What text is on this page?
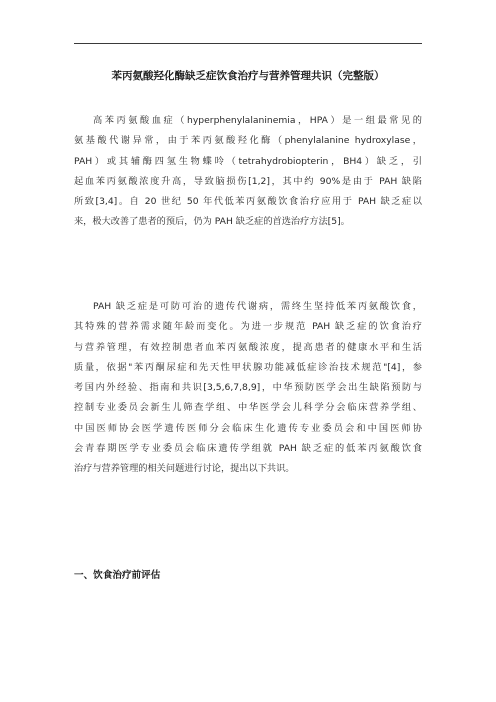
苯丙氨酸羟化酶缺乏症饮食治疗与营养管理共识（完整版）
高苯丙氨酸血症（hyperphenylalaninemia，HPA）是一组最常见的
氨基酸代谢异常，由于苯丙氨酸羟化酶（phenylalanine hydroxylase，
PAH）或其辅酶四氢生物蝶呤（tetrahydrobiopterin，BH4）缺乏，引
起血苯丙氨酸浓度升高，导致脑损伤[1,2]，其中约 90%是由于 PAH 缺陷
所致[3,4]。自 20 世纪 50 年代低苯丙氨酸饮食治疗应用于 PAH 缺乏症以
来，极大改善了患者的预后，仍为 PAH 缺乏症的首选治疗方法[5]。
PAH 缺乏症是可防可治的遗传代谢病，需终生坚持低苯丙氨酸饮食，
其特殊的营养需求随年龄而变化。为进一步规范 PAH 缺乏症的饮食治疗
与营养管理，有效控制患者血苯丙氨酸浓度，提高患者的健康水平和生活
质量，依据"苯丙酮尿症和先天性甲状腺功能减低症诊治技术规范"[4]，参
考国内外经验、指南和共识[3,5,6,7,8,9]，中华预防医学会出生缺陷预防与
控制专业委员会新生儿筛查学组、中华医学会儿科学分会临床营养学组、
中国医师协会医学遗传医师分会临床生化遗传专业委员会和中国医师协
会青春期医学专业委员会临床遗传学组就 PAH 缺乏症的低苯丙氨酸饮食
治疗与营养管理的相关问题进行讨论，提出以下共识。
一、饮食治疗前评估
